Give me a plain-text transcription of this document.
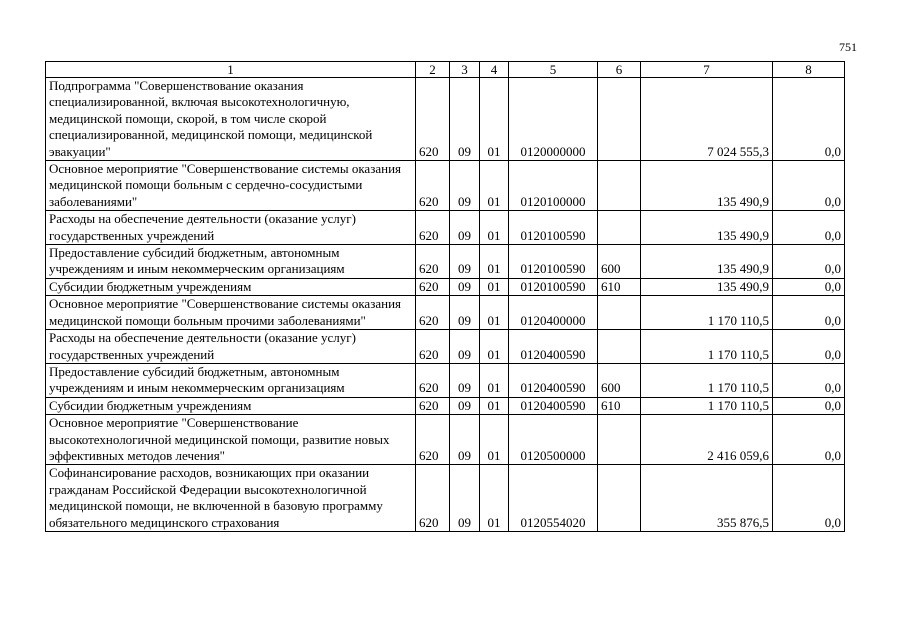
751
1	2	3	4	5	6	7	8
Подпрограмма "Совершенствование оказания специализированной, включая высокотехнологичную, медицинской помощи, скорой, в том числе скорой специализированной, медицинской помощи, медицинской эвакуации"	620	09	01	0120000000		7 024 555,3	0,0
Основное мероприятие "Совершенствование системы оказания медицинской помощи больным с сердечно-сосудистыми заболеваниями"	620	09	01	0120100000		135 490,9	0,0
Расходы на обеспечение деятельности (оказание услуг) государственных учреждений	620	09	01	0120100590		135 490,9	0,0
Предоставление субсидий бюджетным, автономным учреждениям и иным некоммерческим организациям	620	09	01	0120100590	600	135 490,9	0,0
Субсидии бюджетным учреждениям	620	09	01	0120100590	610	135 490,9	0,0
Основное мероприятие "Совершенствование системы оказания медицинской помощи больным прочими заболеваниями"	620	09	01	0120400000		1 170 110,5	0,0
Расходы на обеспечение деятельности (оказание услуг) государственных учреждений	620	09	01	0120400590		1 170 110,5	0,0
Предоставление субсидий бюджетным, автономным учреждениям и иным некоммерческим организациям	620	09	01	0120400590	600	1 170 110,5	0,0
Субсидии бюджетным учреждениям	620	09	01	0120400590	610	1 170 110,5	0,0
Основное мероприятие "Совершенствование высокотехнологичной медицинской помощи, развитие новых эффективных методов лечения"	620	09	01	0120500000		2 416 059,6	0,0
Софинансирование расходов, возникающих при оказании гражданам Российской Федерации высокотехнологичной медицинской помощи, не включенной в базовую программу обязательного медицинского страхования	620	09	01	0120554020		355 876,5	0,0
